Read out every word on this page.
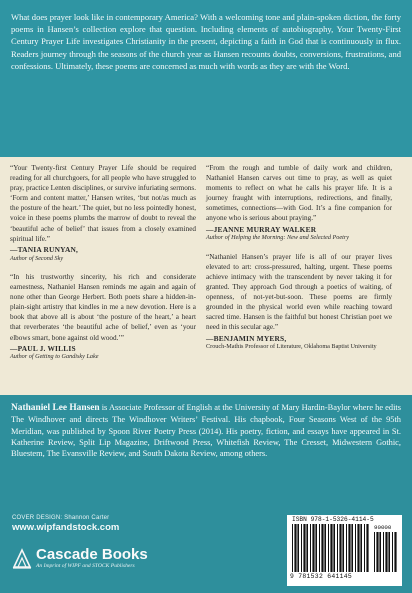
What does prayer look like in contemporary America? With a welcoming tone and plain-spoken diction, the forty poems in Hansen’s collection explore that question. Including elements of autobiography, Your Twenty-First Century Prayer Life investigates Christianity in the present, depicting a faith in God that is continuously in flux. Readers journey through the seasons of the church year as Hansen recounts doubts, conversions, frustrations, and confessions. Ultimately, these poems are concerned as much with words as they are with the Word.

“Your Twenty-first Century Prayer Life should be required reading for all churchgoers, for all people who have struggled to pray, practice Lenten disciplines, or survive infuriating sermons. ‘Form and content matter,’ Hansen writes, ‘but not/as much as the posture of the heart.’ The quiet, but no less pointedly honest, voice in these poems plumbs the marrow of doubt to reveal the ‘beautiful ache of belief’ that issues from a closely examined spiritual life.”

—TANIA RUNYAN,
Author of Second Sky

“In his trustworthy sincerity, his rich and considerate earnestness, Nathaniel Hansen reminds me again and again of none other than George Herbert. Both poets share a hidden-in-plain-sight artistry that kindles in me a new devotion. Here is a book that above all is about ‘the posture of the heart,’ a heart that reverberates ‘the beautiful ache of belief,’ even as ‘your elbows smart, bone against old wood.’”

—PAUL J. WILLIS
Author of Getting to Gandisky Lake

“From the rough and tumble of daily work and children, Nathaniel Hansen carves out time to pray, as well as quiet moments to reflect on what he calls his prayer life. It is a journey fraught with interruptions, redirections, and finally, sometimes, connections—with God. It’s a fine companion for anyone who is serious about praying.”

—JEANNE MURRAY WALKER
Author of Helping the Morning: New and Selected Poetry

“Nathaniel Hansen’s prayer life is all of our prayer lives elevated to art: cross-pressured, halting, urgent. These poems achieve intimacy with the transcendent by never taking it for granted. They approach God through a poetics of waiting, of openness, of not-yet-but-soon. These poems are firmly grounded in the physical world even while reaching toward sacred time. Hansen is the faithful but honest Christian poet we need in this secular age.”

—BENJAMIN MYERS,
Crouch-Mathis Professor of Literature, Oklahoma Baptist University

Nathaniel Lee Hansen is Associate Professor of English at the University of Mary Hardin-Baylor where he edits The Windhover and directs The Windhover Writers’ Festival. His chapbook, Four Seasons West of the 95th Meridian, was published by Spoon River Poetry Press (2014). His poetry, fiction, and essays have appeared in St. Katherine Review, Split Lip Magazine, Driftwood Press, Whitefish Review, The Cresset, Midwestern Gothic, Bluestem, The Evansville Review, and South Dakota Review, among others.

COVER DESIGN: Shannon Carter
www.wipfandstock.com
Cascade Books
An Imprint of WIPF and STOCK Publishers
ISBN 978-1-5326-4114-5
90000
9 781532 641145
